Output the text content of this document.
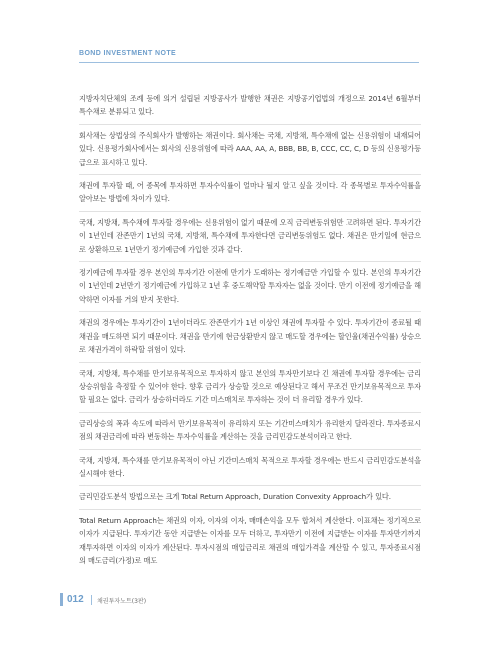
BOND INVESTMENT NOTE

지방자치단체의 조례 등에 의거 설립된 지방공사가 발행한 채권은 지방공기업법의 개정으로 2014년 6월부터 특수채로 분류되고 있다.

회사채는 상법상의 주식회사가 발행하는 채권이다. 회사채는 국채, 지방채, 특수채에 없는 신용위험이 내재되어 있다. 신용평가회사에서는 회사의 신용위험에 따라 AAA, AA, A, BBB, BB, B, CCC, CC, C, D 등의 신용평가등급으로 표시하고 있다.

채권에 투자할 때, 어 종목에 투자하면 투자수익률이 얼마나 될지 알고 싶을 것이다. 각 종목별로 투자수익률을 알아보는 방법에 차이가 있다.

국채, 지방채, 특수채에 투자할 경우에는 신용위험이 없기 때문에 오직 금리변동위험만 고려하면 된다. 투자기간이 1년인데 잔존만기 1년의 국채, 지방채, 특수채에 투자한다면 금리변동위험도 없다. 채권은 만기일에 현금으로 상환하므로 1년만기 정기예금에 가입한 것과 같다.

정기예금에 투자할 경우 본인의 투자기간 이전에 만기가 도래하는 정기예금만 가입할 수 있다. 본인의 투자기간이 1년인데 2년만기 정기예금에 가입하고 1년 후 중도해약할 투자자는 없을 것이다. 만기 이전에 정기예금을 해약하면 이자를 거의 받지 못한다.

채권의 경우에는 투자기간이 1년이더라도 잔존만기가 1년 이상인 채권에 투자할 수 있다. 투자기간이 종료될 때 채권을 매도하면 되기 때문이다. 채권을 만기에 현금상환받지 않고 매도할 경우에는 할인율(채권수익률) 상승으로 채권가격이 하락할 위험이 있다.

국채, 지방채, 특수채를 만기보유목적으로 투자하지 않고 본인의 투자만기보다 긴 채권에 투자할 경우에는 금리상승위험을 측정할 수 있어야 한다. 향후 금리가 상승할 것으로 예상된다고 해서 무조건 만기보유목적으로 투자할 필요는 없다. 금리가 상승하더라도 기간 미스매치로 투자하는 것이 더 유리할 경우가 있다.

금리상승의 폭과 속도에 따라서 만기보유목적이 유리하지 또는 기간미스매치가 유리한지 달라진다. 투자종료시점의 채권금리에 따라 변동하는 투자수익률을 계산하는 것을 금리민감도분석이라고 한다.

국채, 지방채, 특수채를 만기보유목적이 아닌 기간미스매치 목적으로 투자할 경우에는 반드시 금리민감도분석을 실시해야 한다.

금리민감도분석 방법으로는 크게 Total Return Approach, Duration Convexity Approach가 있다.

Total Return Approach는 채권의 이자, 이자의 이자, 매매손익을 모두 합쳐서 계산한다. 이표채는 정기적으로 이자가 지급된다. 투자기간 동안 지급받는 이자를 모두 더하고, 투자만기 이전에 지급받는 이자를 투자만기까지 재투자하면 이자의 이자가 계산된다. 투자시점의 매입금리로 채권의 매입가격을 계산할 수 있고, 투자종료시점의 매도금리(가정)로 매도

012 채권투자노트(3판)
